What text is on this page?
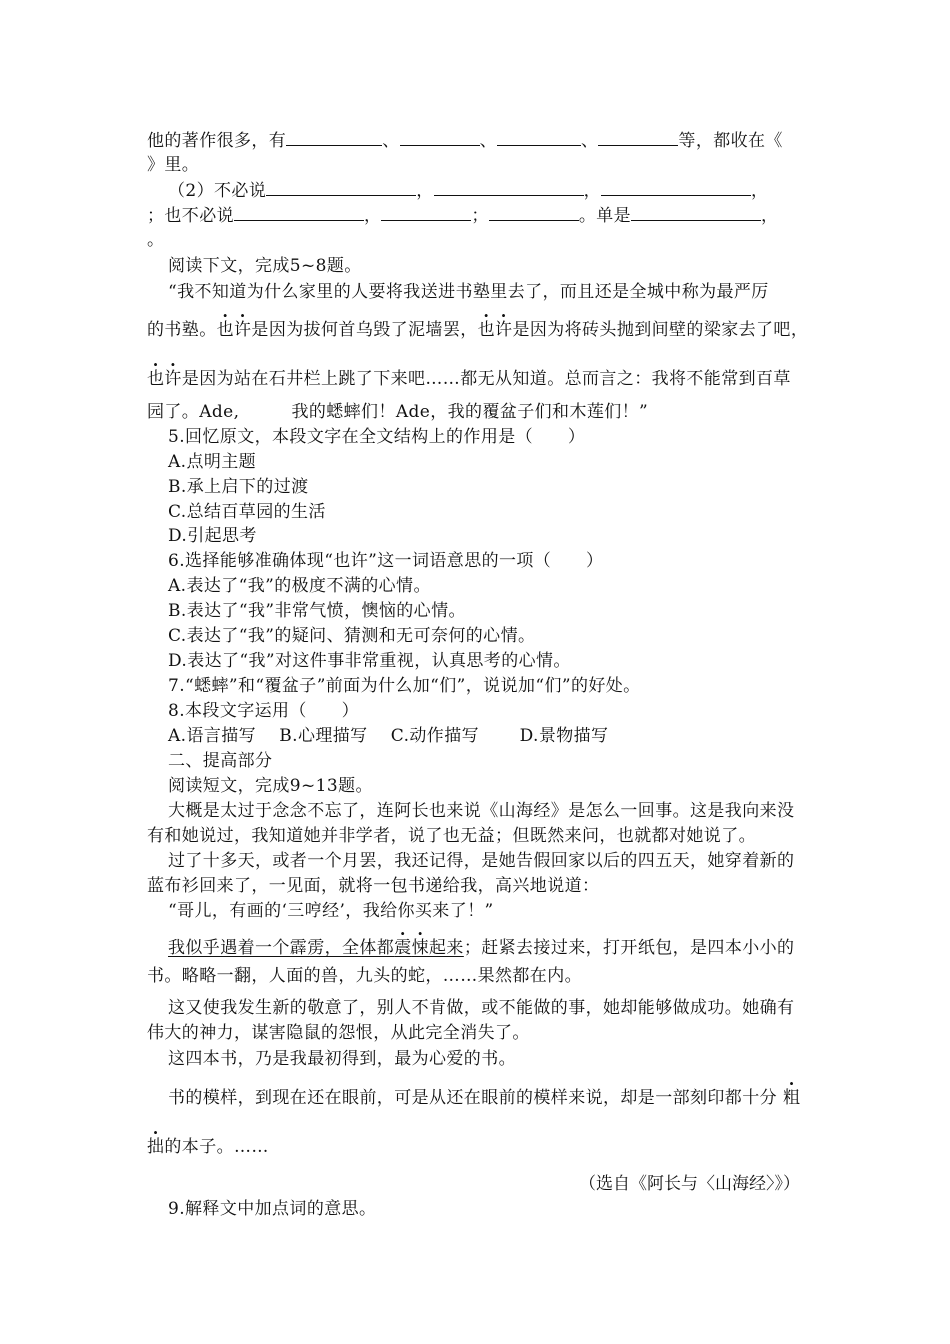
他的著作很多，有	、	、	、	等，都收在《
》里。
（2）不必说	，	，	，
；也不必说	，	；	。单是	，
。
阅读下文，完成5~8题。
“我不知道为什么家里的人要将我送进书塾里去了，而且还是全城中称为最严厉
的书塾。也许是因为拔何首乌毁了泥墙罢，也许是因为将砖头抛到间壁的梁家去了吧，
也许是因为站在石井栏上跳了下来吧……都无从知道。总而言之：我将不能常到百草
园了。Ade,	我的蟋蟀们！Ade，我的覆盆子们和木莲们！”
5.回忆原文，本段文字在全文结构上的作用是（　　）
A.点明主题
B.承上启下的过渡
C.总结百草园的生活
D.引起思考
6.选择能够准确体现“也许”这一词语意思的一项（　　）
A.表达了“我”的极度不满的心情。
B.表达了“我”非常气愤，懊恼的心情。
C.表达了“我”的疑问、猜测和无可奈何的心情。
D.表达了“我”对这件事非常重视，认真思考的心情。
7.“蟋蟀”和“覆盆子”前面为什么加“们”，说说加“们”的好处。
8.本段文字运用（　　）
A.语言描写　 B.心理描写　 C.动作描写　　 D.景物描写
二、提高部分
阅读短文，完成9~13题。
大概是太过于念念不忘了，连阿长也来说《山海经》是怎么一回事。这是我向来没
有和她说过，我知道她并非学者，说了也无益；但既然来问，也就都对她说了。
过了十多天，或者一个月罢，我还记得，是她告假回家以后的四五天，她穿着新的
蓝布衫回来了，一见面，就将一包书递给我，高兴地说道：
“哥儿，有画的‘三哼经’，我给你买来了！”
我似乎遇着一个霹雳，全体都震悚起来；赶紧去接过来，打开纸包，是四本小小的
书。略略一翻，人面的兽，九头的蛇，……果然都在内。
这又使我发生新的敬意了，别人不肯做，或不能做的事，她却能够做成功。她确有
伟大的神力，谋害隐鼠的怨恨，从此完全消失了。
这四本书，乃是我最初得到，最为心爱的书。
书的模样，到现在还在眼前，可是从还在眼前的模样来说，却是一部刻印都十分 粗
拙的本子。……
（选自《阿长与〈山海经〉》）
9.解释文中加点词的意思。
